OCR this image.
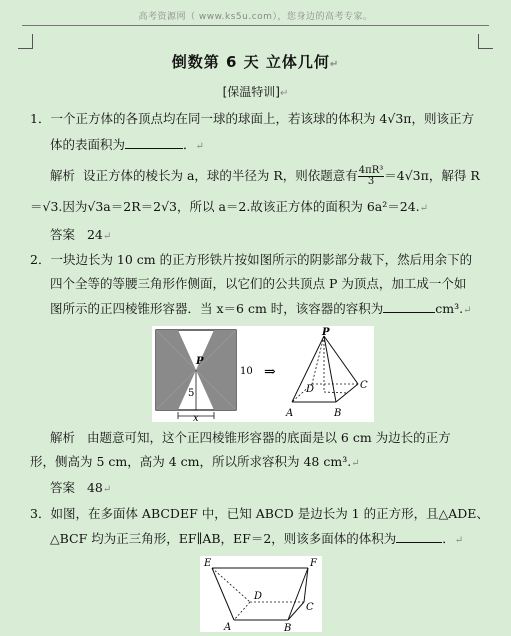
高考资源网（ www.ks5u.com），您身边的高考专家。
倒数第 6 天 立体几何↵
[保温特训]↵
1．一个正方体的各顶点均在同一球的球面上，若该球的体积为 4√3π，则该正方
体的表面积为	．↵
解析 设正方体的棱长为 a，球的半径为 R，则依题意有 $\frac{\text{4πR³}}{3} =4√3\pi$，解得 R
＝√3.因为√3a＝2R＝2√3，所以 a＝2.故该正方体的面积为 6a²＝24.↵
答案 24↵
2．一块边长为 10 cm 的正方形铁片按如图所示的阴影部分裁下，然后用余下的
四个全等的等腰三角形作侧面，以它们的公共顶点 P 为顶点，加工成一个如
图所示的正四棱锥形容器．当 x＝6 cm 时，该容器的容积为	cm³.↵
P
5
10
x
⇒
P
D	C
A	B
解析 由题意可知，这个正四棱锥形容器的底面是以 6 cm 为边长的正方
形，侧高为 5 cm，高为 4 cm，所以所求容积为 48 cm³.↵
答案 48↵
3．如图，在多面体 ABCDEF 中，已知 ABCD 是边长为 1 的正方形，且△ADE、
△BCF 均为正三角形，EF∥AB，EF＝2，则该多面体的体积为	．↵
E	F
D
C
A	B
